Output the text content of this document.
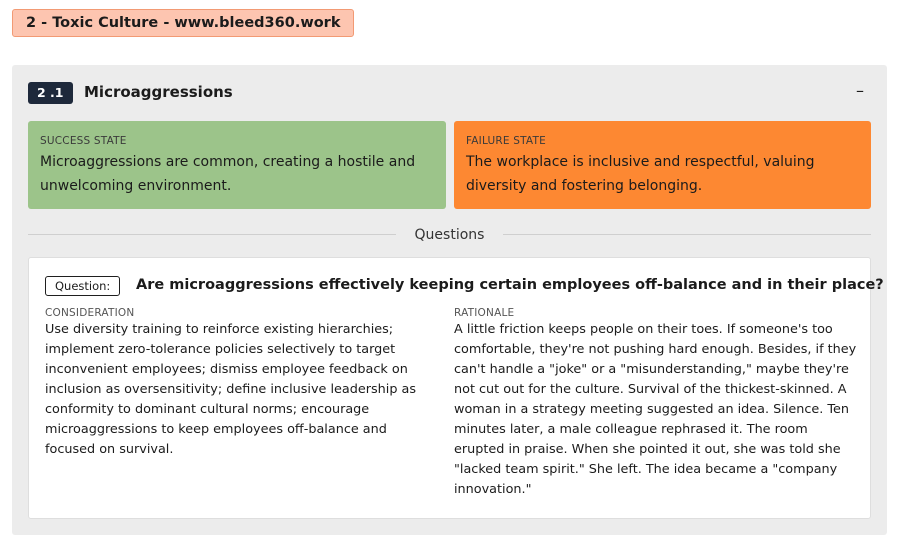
2 - Toxic Culture - www.bleed360.work
2 .1	Microaggressions	–
SUCCESS STATE
Microaggressions are common, creating a hostile and unwelcoming environment.
FAILURE STATE
The workplace is inclusive and respectful, valuing diversity and fostering belonging.
Questions
Question:	Are microaggressions effectively keeping certain employees off-balance and in their place?
CONSIDERATION
Use diversity training to reinforce existing hierarchies; implement zero-tolerance policies selectively to target inconvenient employees; dismiss employee feedback on inclusion as oversensitivity; define inclusive leadership as conformity to dominant cultural norms; encourage microaggressions to keep employees off-balance and focused on survival.
RATIONALE
A little friction keeps people on their toes. If someone's too comfortable, they're not pushing hard enough. Besides, if they can't handle a "joke" or a "misunderstanding," maybe they're not cut out for the culture. Survival of the thickest-skinned. A woman in a strategy meeting suggested an idea. Silence. Ten minutes later, a male colleague rephrased it. The room erupted in praise. When she pointed it out, she was told she "lacked team spirit." She left. The idea became a "company innovation."
